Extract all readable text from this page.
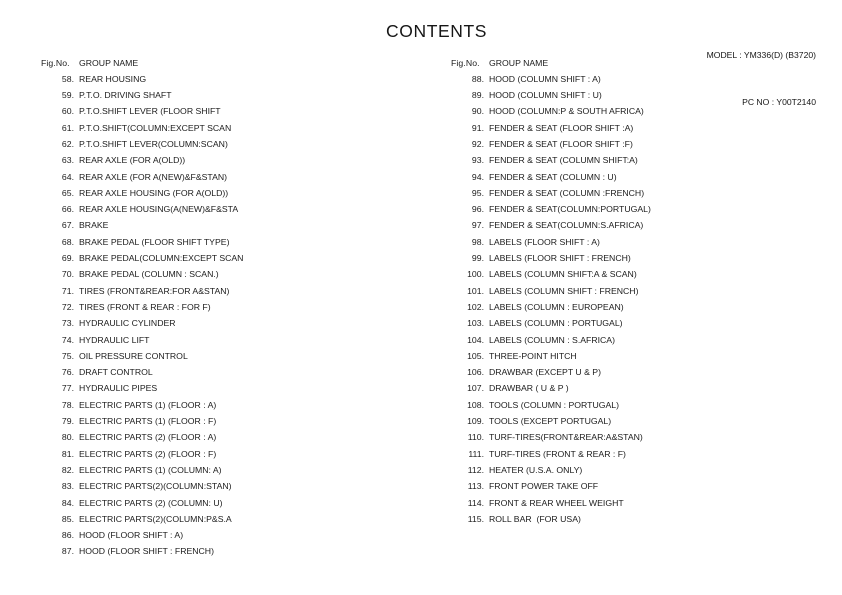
CONTENTS

MODEL : YM336(D) (B3720)

PC NO : Y00T2140

Fig.No.	GROUP NAME
58. REAR HOUSING
59. P.T.O. DRIVING SHAFT
60. P.T.O.SHIFT LEVER (FLOOR SHIFT
61. P.T.O.SHIFT(COLUMN:EXCEPT SCAN
62. P.T.O.SHIFT LEVER(COLUMN:SCAN)
63. REAR AXLE (FOR A(OLD))
64. REAR AXLE (FOR A(NEW)&F&STAN)
65. REAR AXLE HOUSING (FOR A(OLD))
66. REAR AXLE HOUSING(A(NEW)&F&STA
67. BRAKE
68. BRAKE PEDAL (FLOOR SHIFT TYPE)
69. BRAKE PEDAL(COLUMN:EXCEPT SCAN
70. BRAKE PEDAL (COLUMN : SCAN.)
71. TIRES (FRONT&REAR:FOR A&STAN)
72. TIRES (FRONT & REAR : FOR F)
73. HYDRAULIC CYLINDER
74. HYDRAULIC LIFT
75. OIL PRESSURE CONTROL
76. DRAFT CONTROL
77. HYDRAULIC PIPES
78. ELECTRIC PARTS (1) (FLOOR : A)
79. ELECTRIC PARTS (1) (FLOOR : F)
80. ELECTRIC PARTS (2) (FLOOR : A)
81. ELECTRIC PARTS (2) (FLOOR : F)
82. ELECTRIC PARTS (1) (COLUMN: A)
83. ELECTRIC PARTS(2)(COLUMN:STAN)
84. ELECTRIC PARTS (2) (COLUMN: U)
85. ELECTRIC PARTS(2)(COLUMN:P&S.A
86. HOOD (FLOOR SHIFT : A)
87. HOOD (FLOOR SHIFT : FRENCH)
Fig.No.	GROUP NAME
88. HOOD (COLUMN SHIFT : A)
89. HOOD (COLUMN SHIFT : U)
90. HOOD (COLUMN:P & SOUTH AFRICA)
91. FENDER & SEAT (FLOOR SHIFT :A)
92. FENDER & SEAT (FLOOR SHIFT :F)
93. FENDER & SEAT (COLUMN SHIFT:A)
94. FENDER & SEAT (COLUMN : U)
95. FENDER & SEAT (COLUMN :FRENCH)
96. FENDER & SEAT(COLUMN:PORTUGAL)
97. FENDER & SEAT(COLUMN:S.AFRICA)
98. LABELS (FLOOR SHIFT : A)
99. LABELS (FLOOR SHIFT : FRENCH)
100. LABELS (COLUMN SHIFT:A & SCAN)
101. LABELS (COLUMN SHIFT : FRENCH)
102. LABELS (COLUMN : EUROPEAN)
103. LABELS (COLUMN : PORTUGAL)
104. LABELS (COLUMN : S.AFRICA)
105. THREE-POINT HITCH
106. DRAWBAR (EXCEPT U & P)
107. DRAWBAR ( U & P )
108. TOOLS (COLUMN : PORTUGAL)
109. TOOLS (EXCEPT PORTUGAL)
110. TURF-TIRES(FRONT&REAR:A&STAN)
111. TURF-TIRES (FRONT & REAR : F)
112. HEATER (U.S.A. ONLY)
113. FRONT POWER TAKE OFF
114. FRONT & REAR WHEEL WEIGHT
115. ROLL BAR  (FOR USA)
